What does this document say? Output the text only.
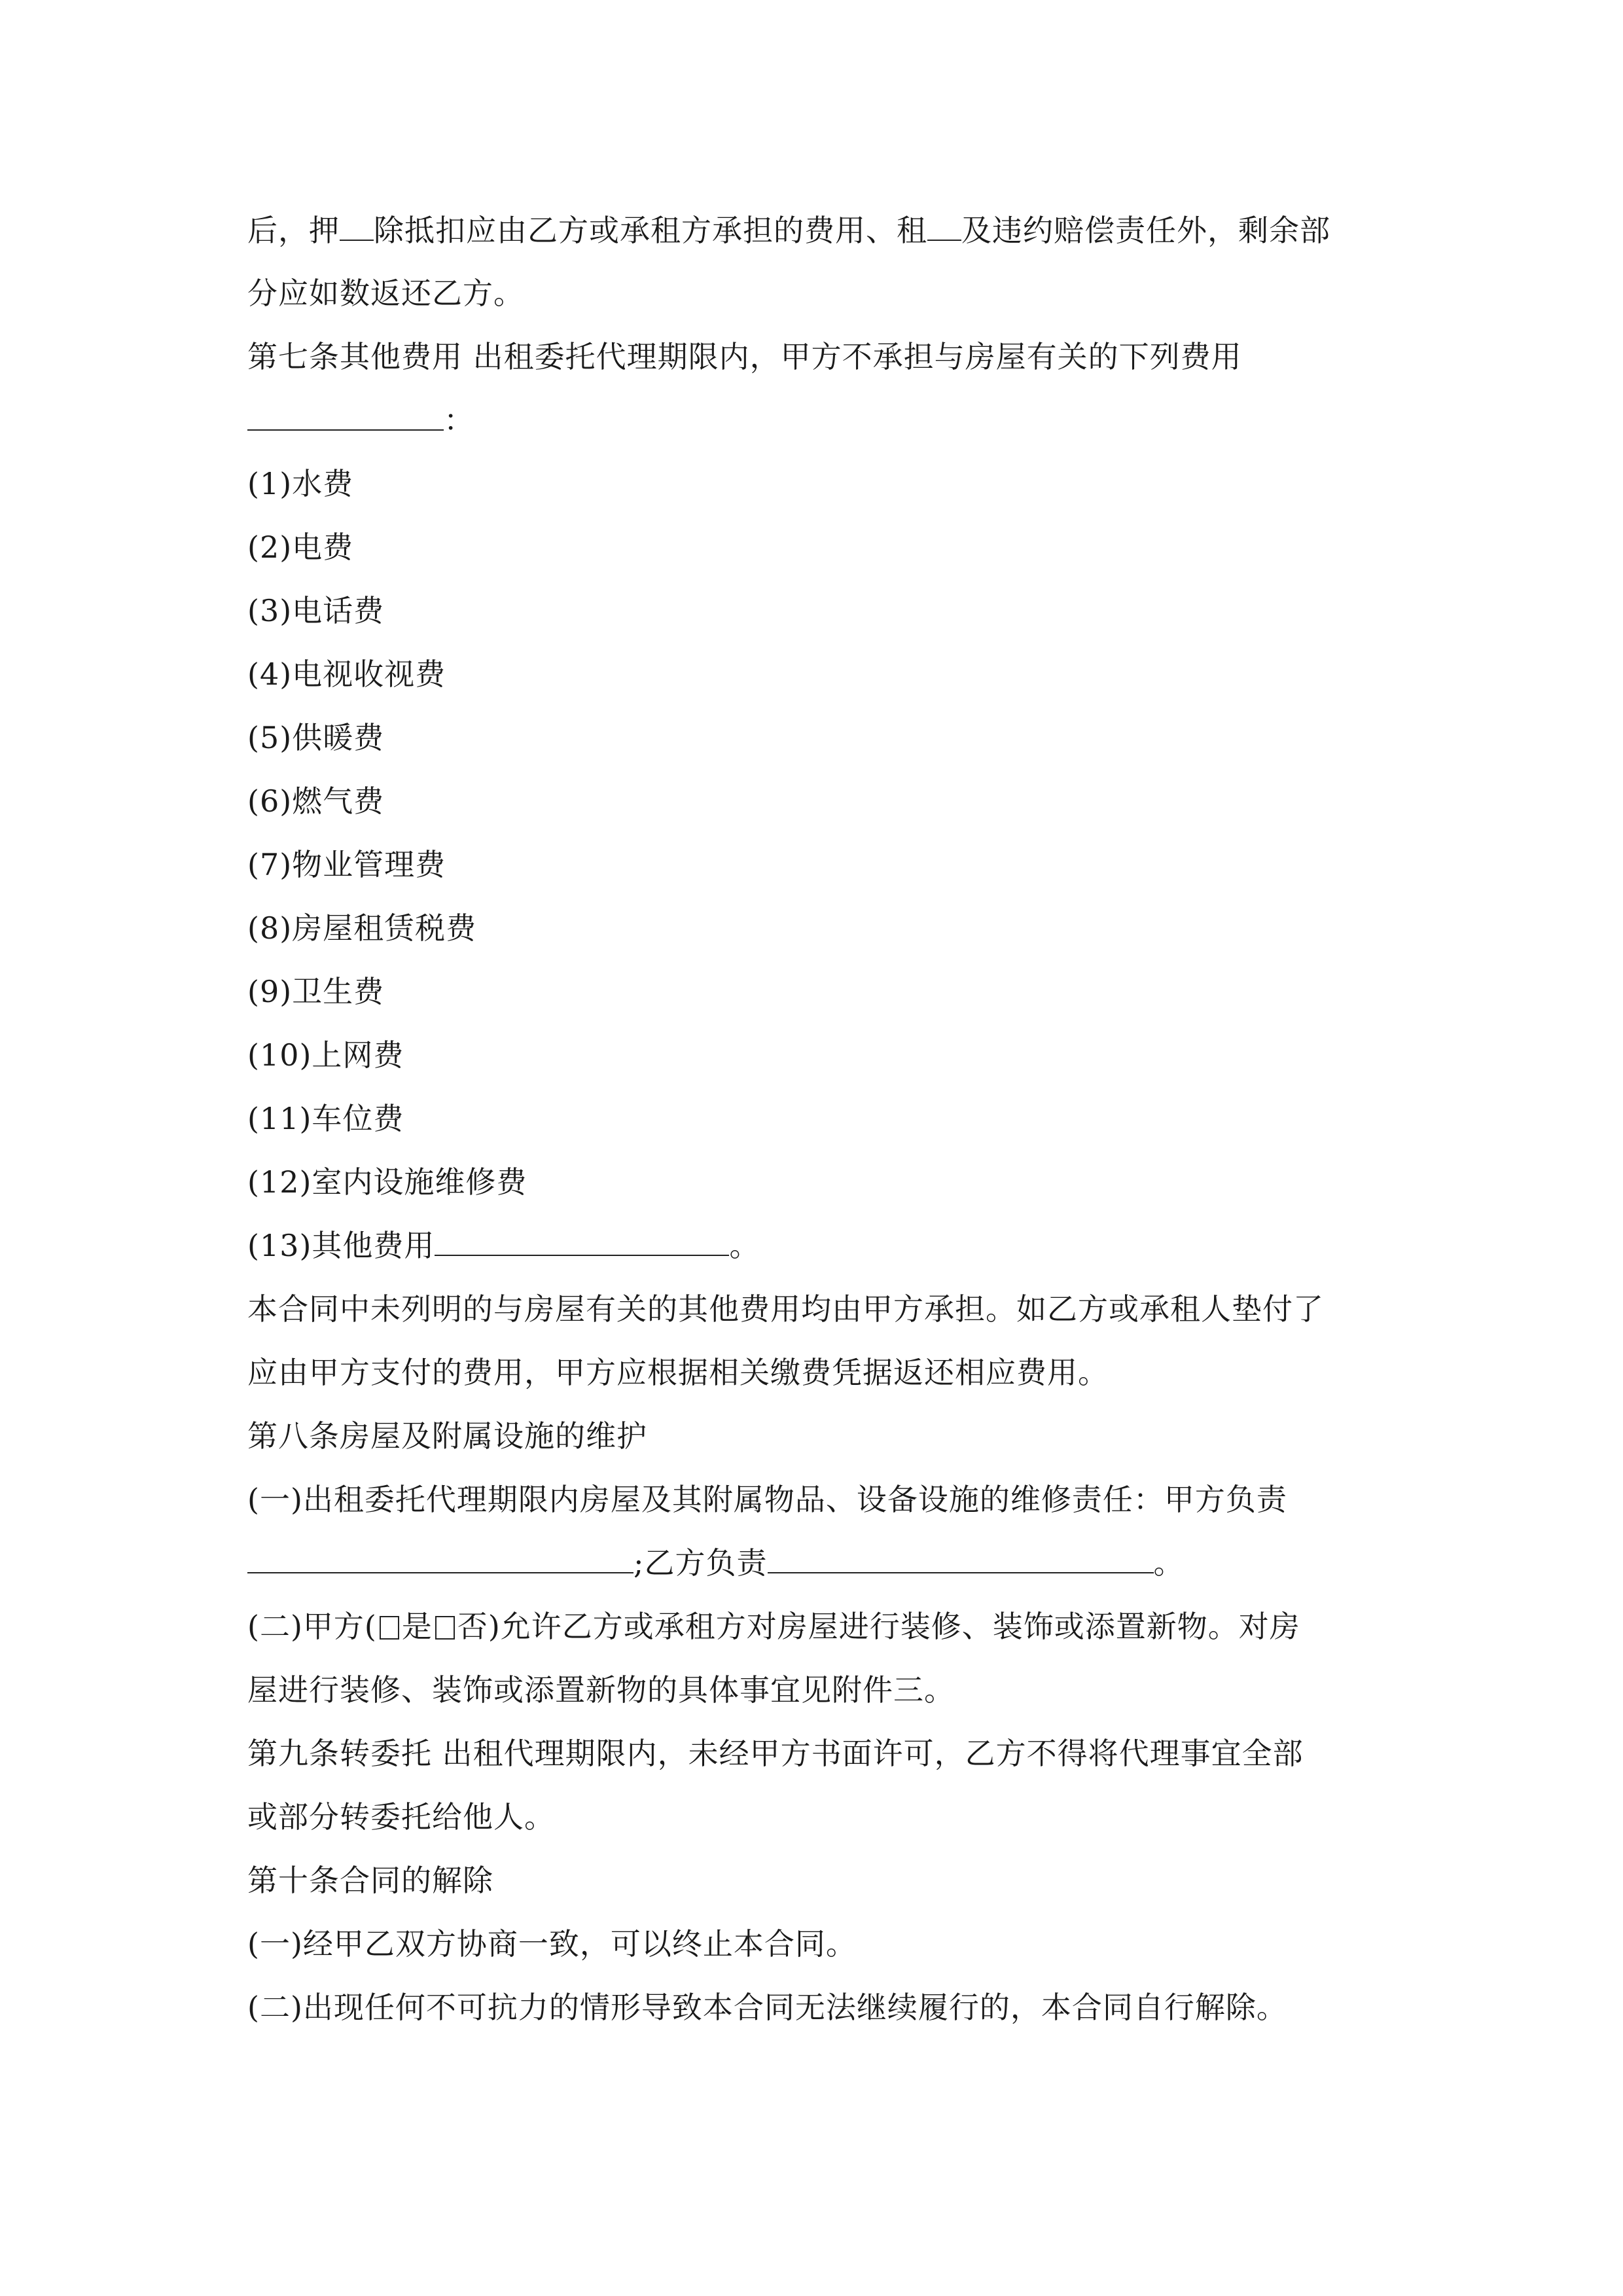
后，押 除抵扣应由乙方或承租方承担的费用、租 及违约赔偿责任外，剩余部
分应如数返还乙方。
第七条其他费用 出租委托代理期限内，甲方不承担与房屋有关的下列费用
：
(1)水费
(2)电费
(3)电话费
(4)电视收视费
(5)供暖费
(6)燃气费
(7)物业管理费
(8)房屋租赁税费
(9)卫生费
(10)上网费
(11)车位费
(12)室内设施维修费
(13)其他费用	。
本合同中未列明的与房屋有关的其他费用均由甲方承担。如乙方或承租人垫付了
应由甲方支付的费用，甲方应根据相关缴费凭据返还相应费用。
第八条房屋及附属设施的维护
(一)出租委托代理期限内房屋及其附属物品、设备设施的维修责任：甲方负责
;乙方负责	。
(二)甲方( 是 否)允许乙方或承租方对房屋进行装修、装饰或添置新物。对房
屋进行装修、装饰或添置新物的具体事宜见附件三。
第九条转委托 出租代理期限内，未经甲方书面许可，乙方不得将代理事宜全部
或部分转委托给他人。
第十条合同的解除
(一)经甲乙双方协商一致，可以终止本合同。
(二)出现任何不可抗力的情形导致本合同无法继续履行的，本合同自行解除。
